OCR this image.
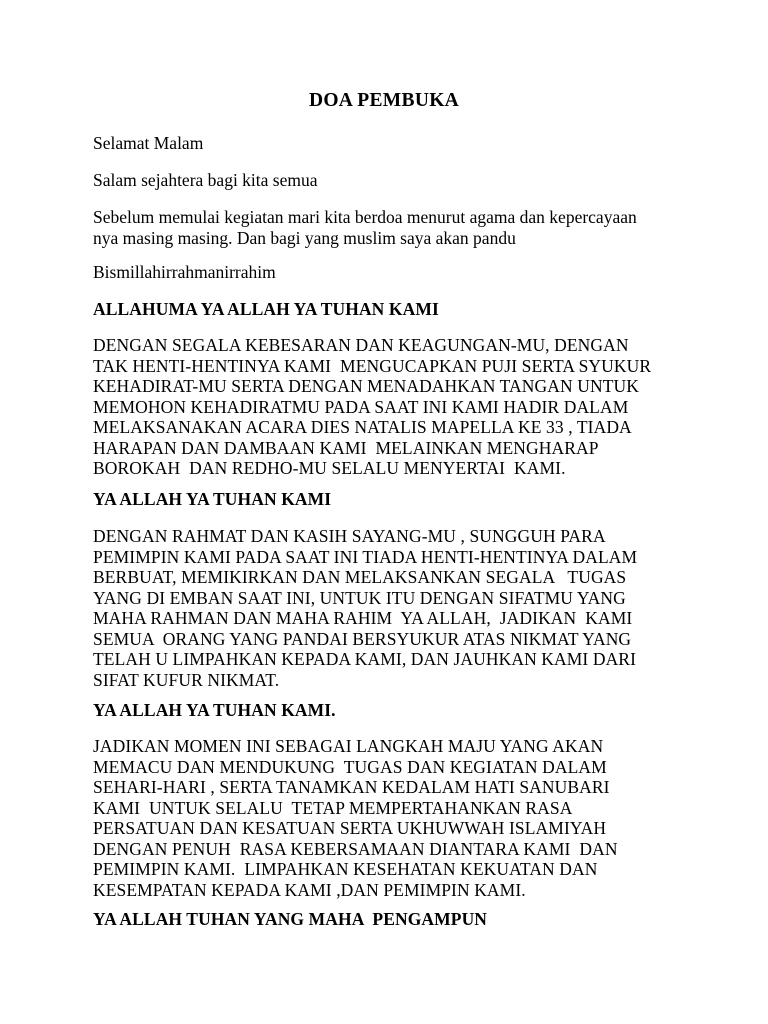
DOA PEMBUKA
Selamat Malam
Salam sejahtera bagi kita semua
Sebelum memulai kegiatan mari kita berdoa menurut agama dan kepercayaan
nya masing masing. Dan bagi yang muslim saya akan pandu
Bismillahirrahmanirrahim
ALLAHUMA YA ALLAH YA TUHAN KAMI
DENGAN SEGALA KEBESARAN DAN KEAGUNGAN-MU, DENGAN
TAK HENTI-HENTINYA KAMI  MENGUCAPKAN PUJI SERTA SYUKUR
KEHADIRAT-MU SERTA DENGAN MENADAHKAN TANGAN UNTUK
MEMOHON KEHADIRATMU PADA SAAT INI KAMI HADIR DALAM
MELAKSANAKAN ACARA DIES NATALIS MAPELLA KE 33 , TIADA
HARAPAN DAN DAMBAAN KAMI  MELAINKAN MENGHARAP
BOROKAH  DAN REDHO-MU SELALU MENYERTAI  KAMI.
YA ALLAH YA TUHAN KAMI
DENGAN RAHMAT DAN KASIH SAYANG-MU , SUNGGUH PARA
PEMIMPIN KAMI PADA SAAT INI TIADA HENTI-HENTINYA DALAM
BERBUAT, MEMIKIRKAN DAN MELAKSANKAN SEGALA   TUGAS
YANG DI EMBAN SAAT INI, UNTUK ITU DENGAN SIFATMU YANG
MAHA RAHMAN DAN MAHA RAHIM  YA ALLAH,  JADIKAN  KAMI
SEMUA  ORANG YANG PANDAI BERSYUKUR ATAS NIKMAT YANG
TELAH U LIMPAHKAN KEPADA KAMI, DAN JAUHKAN KAMI DARI
SIFAT KUFUR NIKMAT.
YA ALLAH YA TUHAN KAMI.
JADIKAN MOMEN INI SEBAGAI LANGKAH MAJU YANG AKAN
MEMACU DAN MENDUKUNG  TUGAS DAN KEGIATAN DALAM
SEHARI-HARI , SERTA TANAMKAN KEDALAM HATI SANUBARI
KAMI  UNTUK SELALU  TETAP MEMPERTAHANKAN RASA
PERSATUAN DAN KESATUAN SERTA UKHUWWAH ISLAMIYAH
DENGAN PENUH  RASA KEBERSAMAAN DIANTARA KAMI  DAN
PEMIMPIN KAMI.  LIMPAHKAN KESEHATAN KEKUATAN DAN
KESEMPATAN KEPADA KAMI ,DAN PEMIMPIN KAMI.
YA ALLAH TUHAN YANG MAHA  PENGAMPUN
